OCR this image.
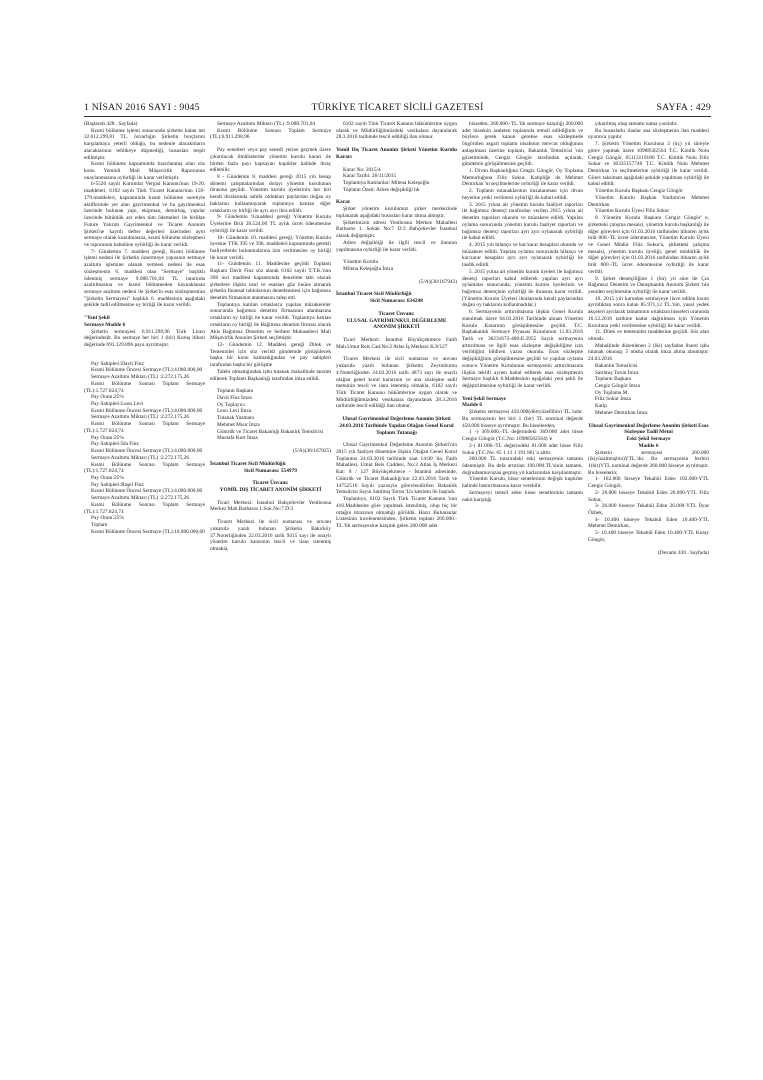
1 NİSAN 2016 SAYI : 9045	TÜRKİYE TİCARET SİCİLİ GAZETESİ	SAYFA : 429

(Başlarıdı 428 . Sayfada)

Kısmi bölünme işlemi sonucunda şirkette kalan net 32.612.299,81 TL. özvarlığın Şirketin borçlarını karşılamaya yeterli olduğu, bu nedenle alacaklıların alacaklarının tehlikeye düşmediği, hususları tespit edilmiştir.

Kısmi bölünme kapsamında hazırlanmış olan söz konu Yeminli Mali Müşavirlik Raporunun onaylanmasına oybirliği ile karar verilmiştir.

b-5520 sayılı Kurumlar Vergisi Kanunu'nun 19-20. maddeleri, 6102 sayılı Türk Ticaret Kanunu'nun 159-179.maddeleri, kapsamında kısmi bölünme suretiyle aktiflerinde yer alan gayrimenkul ve bu gayrimenkul üzerinde bulunan yapı, ekipman, demirbaş, yapılar üzerinde bütünlük arz eden tüm ödemeleri ile birlikte Future Yatırım Gayrimenkul ve Ticaret Anonim Şirketi'ne kayıtlı defter değerleri üzerinden ayni sermaye olarak konulmasına, kısmi bölünme sözleşmesi ve raporunun kabulüne oybirliği ile karar verildi.

7- Gündemin 7. maddesi gereği, Kısmi bölünme işlemi nedeni ile Şirketin özsermaye yapısının sermaye azaltımı işlemine olanak vermesi nedeni ile esas sözleşmenin 6. maddesi olan "Sermaye" başlıklı ödenmiş sermaye 9.088.701,04 TL tutarında azaltılmasına ve kısmi bölünmeden kaynaklanan sermaye azaltımı nedeni ile Şirket'in esas sözleşmesinin "Şirketin Sermayesi" başlıklı 6. maddesinin aşağıdaki şekilde tadil edilmesine oy birliği ile karar verildi.

"Yeni Şekil

Sermaye Madde 6

Şirketin sermayesi 6.911.298,96 Türk Lirası değerindedir. Bu sermaye her biri 1 (bir) Kuruş itibari değerinde 691.129.896 paya ayrılmıştır.

Pay Sahipleri:Davit Finz

Kısmi Bölünme Öncesi Sermaye (TL):4.000.000,00

Sermaye Azaltımı Miktarı (TL) :2.272.175,26

Kısmi Bölünme Sonrası Toplam Sermaye (TL):1.727.824,74

Pay Oranı:25%

Pay Sahipleri:Leon Levi

Kısmi Bölünme Öncesi Sermaye (TL):4.000.000,00

Sermaye Azaltımı Miktarı (TL) :2.272.175,26

Kısmi Bölünme Sonrası Toplam Sermaye (TL):1.727.824,74

Pay Oranı:25%

Pay Sahipleri:İda Finz

Kısmi Bölünme Öncesi Sermaye (TL):4.000.000,00

Sermaye Azaltımı Miktarı (TL) :2.272.175,26

Kısmi Bölünme Sonrası Toplam Sermaye (TL):1.727.824,74

Pay Oranı:25%

Pay Sahipleri:Raşel Finz

Kısmi Bölünme Öncesi Sermaye (TL):4.000.000,00

Sermaye Azaltımı Miktarı (TL) :2.272.175,26

Kısmi Bölünme Sonrası Toplam Sermaye (TL):1.727.824,74

Pay Oranı:25%

Toplam

Kısmi Bölünme Öncesi Sermaye (TL):16.000.000,00

Sermaye Azaltımı Miktarı (TL) :9.088.701,04

Kısmi Bölünme Sonrası Toplam Sermaye (TL):6.911.298,96

Pay senetleri veya pay senedi yerine geçmek üzere çıkarılacak ilmühaberler yönetim kurulu kararı ile birden fazla payı kapsayan kupürler halinde ihraç edilebilir.

8 - Gündemin 8. maddesi gereği 2015 yılı hesap dönemi çalışmalarından dolayı yönetim kurulunun ibrasına geçildi. Yönetim kurulu üyelerinin her biri kendi ibralarında sahibi oldukları paylardan doğan oy haklarını kullanmayarak toplantıya katılan diğer ortakların oy birliği ile ayrı ayrı ibra edildi.

9- Gündemin 9.maddesi gereği Yönetim Kurulu Üyelerine Brüt 26.524,00 TL aylık ücret ödenmesine oybirliği ile karar verildi.

10- Gündemin 10. maddesi gereği, Yönetim Kurulu üyesine TTK 395 ve 396. maddeleri kapsamında gerekli faaliyetlerde bulunmalarına izin verilmesine oy birliği ile karar verildi.

11- Gündemin 11. Maddesine geçildi Toplantı Başkanı Davit Finz söz alarak 6102 sayılı T.T.K.'nun 398 inci maddesi kapsamında denetime tabi olacak şirketlere ilişkin usul ve esasları göz önüne alınarak şirketin finansal tablolarının denetlenmesi için bağımsız denetim firmasının atanmasını talep etti.

Toplantıya katılan ortaklarca yapılan müzakereler sonucunda bağımsız denetim firmasının atanmasına ortakların oy birliği ile karar verildi. Toplantıya katılan ortakların oy birliği ile Bağımsız denetim firması olarak Akis Bağımsız Denetim ve Serbest Muhasebeci Mali Müşavirlik Anonim Şirketi seçilmiştir.

12- Gündemin 12. Maddesi gereği Dilek ve Temenniler için söz verildi gündemde görüşülecek başka bir konu kalmadığından ve pay sahipleri tarafından başka bir görüşme

Talebi olmadığından işbu tutanak mahallinde tanzim edilerek Toplantı Başkanlığı tarafından imza edildi.

Toplantı Başkanı

Davit Finz İmza

Oy Toplayıcı

Leon Levi İmza

Tutanak Yazmanı

Mehmet Mısır İmza

Gümrük ve Ticaret Bakanlığı Bakanlık Temsilcisi

Mustafa Kurt İmza

(5/A)(30/167825)

İstanbul Ticaret Sicil Müdürlüğü

Sicil Numarası: 554979

Ticaret Ünvanı:

YOMİL DIŞ TİCARET ANONİM ŞİRKETİ

Ticari Merkezi: İstanbul Bahçelievler Yenibosna Merkez Mah.Barbaros 1.Sok.No:7 D:3

Ticaret Merkezi ile sicil numarası ve unvanı yukarıda yazılı bulunan Şirketin Bakırköy 37.Noterliğinden 22.03.2016 tarih 9415 sayı ile onaylı yönetim kurulu kararının tescil ve ilanı istenmiş olmakla,

6102 sayılı Türk Ticaret Kanunu hükümlerine uygun olarak ve Müdürlüğümüzdeki vesikalara dayanılarak 28.3.2016 tarihinde tescil edildiği ilan olunur.

Yomil Dış Ticaret Anonim Şirketi Yönetim Kurulu Kararı

Karar No: 2015/4

Karar Tarihi: 26/11/2015

Toplantıya Katılanlar: Milena Keleşoğlu

Toplantı Özeti: Adres değişikliği hk

Karar

Şirket yönetim kurulumuz şirket merkezinde toplanarak aşağıdaki hususları karar altına almıştır.

Şirketimizin adresi Yenibosna Merkez Mahallesi Barbaros 1. Sokak No:7 D:3 Bahçelievler İstanbul olarak değişmiştir.

Adres değişikliği ile ilgili tescil ve ilanının yapılmasına oybirliği ile karar verildi.

Yönetim Kurulu

Milena Keleşoğlu İmza

(5/A)(30/167943)

İstanbul Ticaret Sicil Müdürlüğü

Sicil Numarası: 634248

Ticaret Ünvanı:

ULUSAL GAYRİMENKUL DEĞERLEME ANONİM ŞİRKETİ

Ticari Merkezi: İstanbul Büyükçekmece Fatih Mah.Umut Reis Cad.No:2 Atlas İş Merkezi K.8/127

Ticaret Merkezi ile sicil numarası ve unvanı yukarıda yazılı bulunan Şirketin Zeytinburnu 4.Noterliğinden 24.03.2016 tarih 4873 sayı ile onaylı olağan genel kurul kararının ve ana sözleşme tadil metninin tescil ve ilanı istenmiş olmakla, 6102 sayılı Türk Ticaret Kanunu hükümlerine uygun olarak ve Müdürlüğümüzdeki vesikalara dayanılarak 28.3.2016 tarihinde tescil edildiği ilan olunur.

Ulusal Gayrimenkul Değerleme Anonim Şirketi 24.03.2016 Tarihinde Yapılan Olağan Genel Kurul Toplantı Tutanağı

Ulusal Gayrimenkul Değerleme Anonim Şirketi'nin 2015 yılı faaliyet dönemine ilişkin Olağan Genel Kurul Toplantısı 24.03.2016 tarihinde saat 14:00 'da, Fatih Mahallesi, Umut Reis Caddesi, No:2 Atlas İş Merkezi Kat: 8 / 127 Büyükçekmece - İstanbul adresinde, Gümrük ve Ticaret Bakanlığı'nın 22.03.2016 Tarih ve 14752516 Sayılı yazısıyla görevlendirilen Bakanlık Temsilcisi Sayın Satılmış Torun 'Un katılımı ile başladı.

Toplantıya, 6102 Sayılı Türk Ticaret Kanunu 'nun 416.Maddesine göre yapılmak istenilmiş, olup hiç bir ortağın itirazının olmadığı görüldü. Hazır Bulunanlar Listesinin incelenmesinden, Şirketin toplam 260.000.-TL.'lik sermayesine karşılık gelen 260.000 adet

hisseden, 260.000.-TL.'lik sermaye karşılığı 260.000 adet hissenin asaleten toplantıda temsil edildiğinin ve böylece gerek kanun gerekse esas sözleşmede öngörülen asgari toplantı nisabının mevcut olduğunun anlaşılması üzerine toplantı, Bakanlık Temsilcisi 'nin gözetiminde, Cengiz Göngör tarafından açılarak, gündemin görüşülmesine geçildi.

1. Divan Başkanlığına Cengiz Göngör, Oy Toplama Memurluğuna Filiz Sokur, Katipliğe de Mehmet Demirkan 'ın seçilmelerine oybirliği ile karar verildi.

2. Toplantı tutanaklarının imzalanması için divan heyetine yetki verilmesi oybirliği ile kabul edildi.

3. 2015 yılına ait yönetim kurulu faaliyet raporları ile bağımsız denetçi tarafından verilen 2015 yılına ait denetim raporları okundu ve müzakere edildi. Yapılan oylama sonucunda yönetim kurulu faaliyet raporları ve bağımsız denetçi raporları ayrı ayrı oylanarak oybirliği ile kabul edildi.

4. 2015 yılı bilanço ve kar/zarar hesapları okundu ve müzakere edildi. Yapılan oylama sonucunda bilanço ve kar/zarar hesapları ayrı ayrı oylanarak oybirliği ile tasdik edildi.

5. 2015 yılına ait yönetim kurulu üyeleri ile bağımsız denetçi raporları kabul edilerek yapılan ayrı ayrı oylamalar sonucunda, yönetim kurulu üyelerinin ve bağımsız denetçinin oybirliği ile ibrasına karar verildi. (Yönetim Kurulu Üyeleri ibralarında kendi paylarından doğan oy haklarını kullanmadılar.)

6. Sermayenin arttırılmasına ilişkin Genel Kurula sunulmak üzere 04.03.2016 Tarihinde alınan Yönetim Kurulu Kararının görüşülmesine geçildi. T.C. Başbakanlık Sermaye Piyasası Kurulunun 11.03.2016 Tarih ve 36231672-400-E.2955 Sayılı sermayenin arttırılması ve ilgili esas sözleşme değişikliğine izin verildiğini bildiren yazısı okundu. Esas sözleşme değişikliğinin görüşülmesine geçildi ve yapılan oylama sonucu Yönetim Kurulunun sermayenin arttırılmasına ilişkin teklifi aynen kabul edilerek esas sözleşmenin Sermaye başlıklı 6.Maddesinin aşağıdaki yeni şekli ile değiştirilmesine oybirliği ile karar verildi.

Yeni Şekil Sermaye

Madde 6

Şirketin sermayesi 450.000(dörtyüzellibin) TL.'sıdır. Bu sermayenin her biri 1 (bir) TL nominal değerde 450.000 hisseye ayrılmıştır. Bu hisselerden,

1 -) 369.000.-TL değerindeki 369.000 adet hisse Cengiz Göngör (T.C.No: 10988502564) 'e

2-) 81.000.-TL değerindeki 81.000 adet hisse Filiz Sokur (T.C.No: 65 1 13 1 191 86) 'a aittir.

260.000 TL tutarındaki eski sermayenin tamamı ödenmiştir. Bu defa artırılan 190.000.TL'sinin tamamı, doğrudanmuvazaa geçmiş yıl karlarından karşılanmıştır.

Yönetim Kurulu, hisse senetlerinin değişik kupürler halinde bastırılmasına karar verebilir.

Sermayeyi temsil eden hisse senetlerinin tamamı nakit karşılığı

çıkarılmış olup tamamı nama yazılıdır.

Bu hususlarkı ilanlar ana sözleşmenin ilan maddesi uyarınca yapılır.

7. Şirketin Yönetim Kuruluna 3 (üç) yıl süreyle görev yapmak üzere 10988502564 T.C. Kimlik Nolu Cengiz Göngör, 65113119186 T.C. Kimlik Nolu Filiz Sokur ve 30335157740 T.C. Kimlik Nolu Mehmet Demirkan 'ın seçilmelerine oybirliği ile karar verildi. Görev taksimatı aşağıdaki şekilde yapılması oybirliği ile kabul edildi;

Yönetim Kurulu Başkanı Cengiz Göngör

Yönetim Kurulu Başkan Yardımcısı Mehmet Demirkan

Yönetim Kurulu Üyesi Filiz Sokur

8. Yönetim Kurulu Başkanı Cengiz Göngör' e, şirketteki çalışma mesaisi, yönetim kurulu başkanlığı ile diğer görevleri için 01.03.2016 tarihinden itibaren aylık brüt 000.-TL ücret ödenmesine, Yönetim Kurulu Üyesi ve Genel Müdür Filiz Sokur'a, şirketteki çalışma mesaisi, yönetim kurulu üyeliği, genel müdürlük ile diğer görevleri için 01.03.2016 tarihinden itibaren aylık brüt 000.-TL ücret ödenmesine oybirliği ile karar verildi.

9. Şirket denetçiliğine 1 (bir) yıl süre ile Çın Bağımsız Denetim ve Danışmanlık Anonim Şirketi 'nin yeniden seçilmesine oybirliği ile karar verildi.

10. 2015 yılı karından sermayeye ilave edilen kısım ayrıldıktan sonra kalan 85.971,12 TL.'nin, yasal yedek akçeleri ayrılarak tamamının ortaklara hisseleri oranında 16.12.2016 tarihine kadar dağıtılması için Yönetim Kuruluna yetki verilmesine oybirliği ile karar verildi.

11. Dilek ve temenniler maddesine geçildi. Söz alan olmadı.

Mahallinde düzenlenen 2 (iki) sayfadan ibaret işbu tutanak okunup, 5 nüsha olarak imza altına alınmıştır. 24.03.2016

Bakanlık Temsilcisi

Satılmış Torun İmza

Toplantı Başkanı

Cengiz Göngör İmza

Oy Toplama M.

Filiz Sokur İmza

Katip

Mehmet Demirkan İmza

Ulusal Gayrimenkul Değerleme Anonim Şirketi Esas Sözleşme Tadil Metni

Eski Şekil Sermaye

Madde 6

Şirketin sermayesi 260.000 (ikiyüzaltmışbin)YTL.'dır. Bu sermayenin herbiri 1(bir)YTL nominal değerde 260.000 hisseye ayrılmıştır. Bu hisselerin;

1- 182.000 hisseye Tekabül Eden 182.000-YTL Cengiz Göngör,

2- 26.000 hisseye Tekabül Eden 26.000-YTL Filiz Sokur,

3- 26.000 hisseye Tekabül Eden 26.000-YTL İlyas Özbek,

4- 10.400 hisseye Tekabül Eden 10.400-YTL Mehmet Demirkan,

5- 10.400 hisseye Tekabül Eden 10.400-YTL Kutay Göngör,

(Devamı 430 . Sayfada)
